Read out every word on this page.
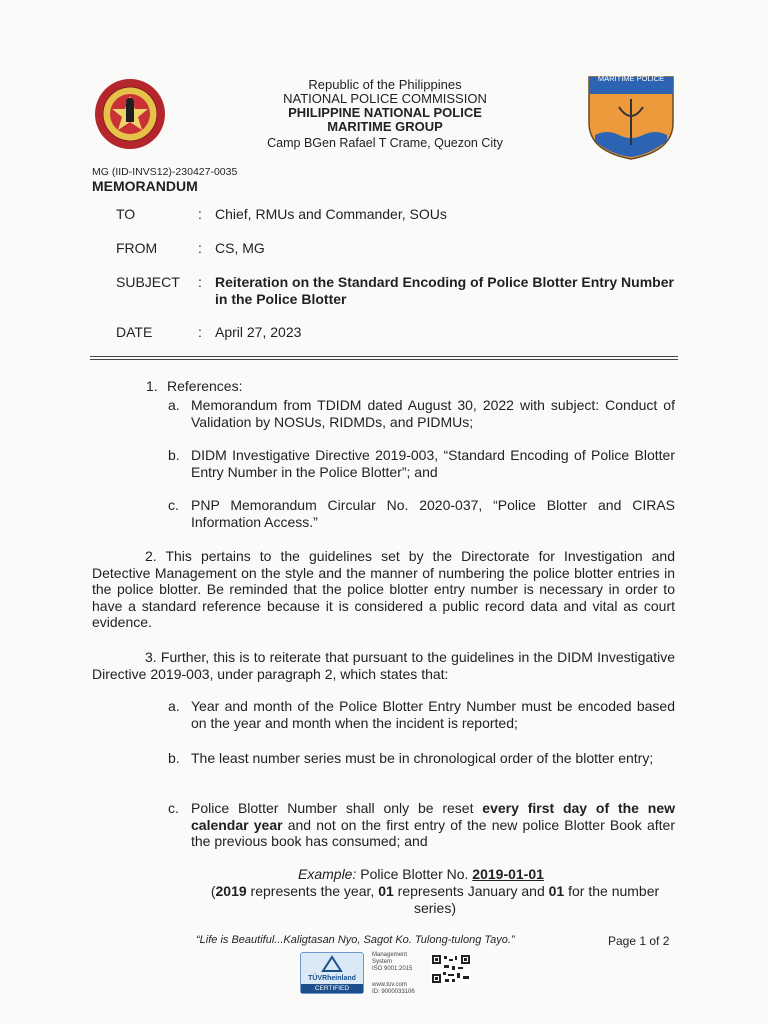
MARITIME POLICE
Republic of the Philippines
NATIONAL POLICE COMMISSION
PHILIPPINE NATIONAL POLICE
MARITIME GROUP
Camp BGen Rafael T Crame, Quezon City
MG (IID-INVS12)-230427-0035
MEMORANDUM
TO	: Chief, RMUs and Commander, SOUs
FROM	: CS, MG
SUBJECT : Reiteration on the Standard Encoding of Police Blotter Entry Number in the Police Blotter
DATE	: April 27, 2023
1. References:
a. Memorandum from TDIDM dated August 30, 2022 with subject: Conduct of Validation by NOSUs, RIDMDs, and PIDMUs;
b. DIDM Investigative Directive 2019-003, “Standard Encoding of Police Blotter Entry Number in the Police Blotter”; and
c. PNP Memorandum Circular No. 2020-037, “Police Blotter and CIRAS Information Access.”
2. This pertains to the guidelines set by the Directorate for Investigation and Detective Management on the style and the manner of numbering the police blotter entries in the police blotter. Be reminded that the police blotter entry number is necessary in order to have a standard reference because it is considered a public record data and vital as court evidence.
3. Further, this is to reiterate that pursuant to the guidelines in the DIDM Investigative Directive 2019-003, under paragraph 2, which states that:
a. Year and month of the Police Blotter Entry Number must be encoded based on the year and month when the incident is reported;
b. The least number series must be in chronological order of the blotter entry;
c. Police Blotter Number shall only be reset every first day of the new calendar year and not on the first entry of the new police Blotter Book after the previous book has consumed; and
Example: Police Blotter No. 2019-01-01
(2019 represents the year, 01 represents January and 01 for the number series)
“Life is Beautiful...Kaligtasan Nyo, Sagot Ko. Tulong-tulong Tayo.”	Page 1 of 2
TÜVRheinland
CERTIFIED
Management
System
ISO 9001:2015
www.tuv.com
ID: 9000033106
